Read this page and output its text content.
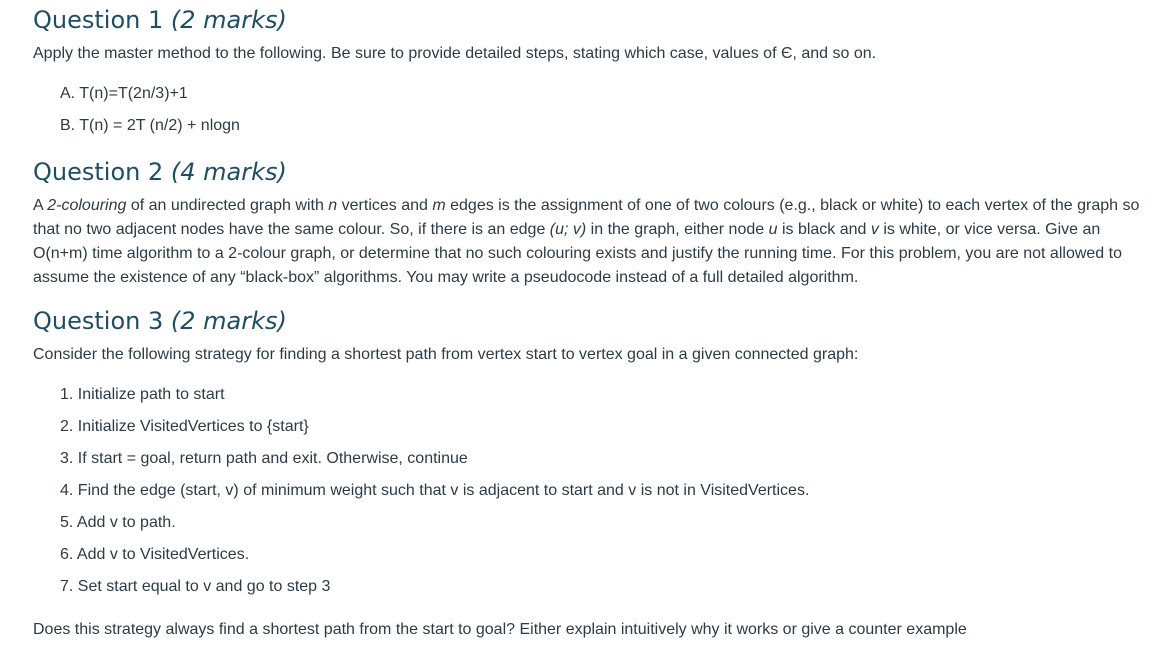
Question 1 (2 marks)

Apply the master method to the following. Be sure to provide detailed steps, stating which case, values of Є, and so on.

A. T(n)=T(2n/3)+1

B. T(n) = 2T (n/2) + nlogn

Question 2 (4 marks)

A 2-colouring of an undirected graph with n vertices and m edges is the assignment of one of two colours (e.g., black or white) to each vertex of the graph so that no two adjacent nodes have the same colour. So, if there is an edge (u; v) in the graph, either node u is black and v is white, or vice versa. Give an O(n+m) time algorithm to a 2-colour graph, or determine that no such colouring exists and justify the running time. For this problem, you are not allowed to assume the existence of any “black-box” algorithms. You may write a pseudocode instead of a full detailed algorithm.

Question 3 (2 marks)

Consider the following strategy for finding a shortest path from vertex start to vertex goal in a given connected graph:

1. Initialize path to start

2. Initialize VisitedVertices to {start}

3. If start = goal, return path and exit. Otherwise, continue

4. Find the edge (start, v) of minimum weight such that v is adjacent to start and v is not in VisitedVertices.

5. Add v to path.

6. Add v to VisitedVertices.

7. Set start equal to v and go to step 3

Does this strategy always find a shortest path from the start to goal? Either explain intuitively why it works or give a counter example
